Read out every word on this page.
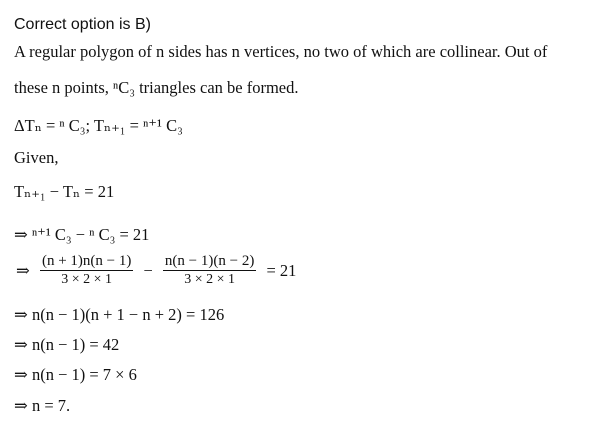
Correct option is B)
A regular polygon of n sides has n vertices, no two of which are collinear. Out of
these n points, ⁿC₃ triangles can be formed.
ΔTₙ = ⁿ C₃; Tₙ₊₁ = ⁿ⁺¹ C₃
Given,
Tₙ₊₁ − Tₙ = 21
⇒ ⁿ⁺¹ C₃ − ⁿ C₃ = 21
⇒ $\frac{(n + 1)n(n - 1)}{3 \times 2 \times 1} - \frac{n(n - 1)(n - 2)}{3 \times 2 \times 1} = 21$
⇒ n(n − 1)(n + 1 − n + 2) = 126
⇒ n(n − 1) = 42
⇒ n(n − 1) = 7 × 6
⇒ n = 7.
